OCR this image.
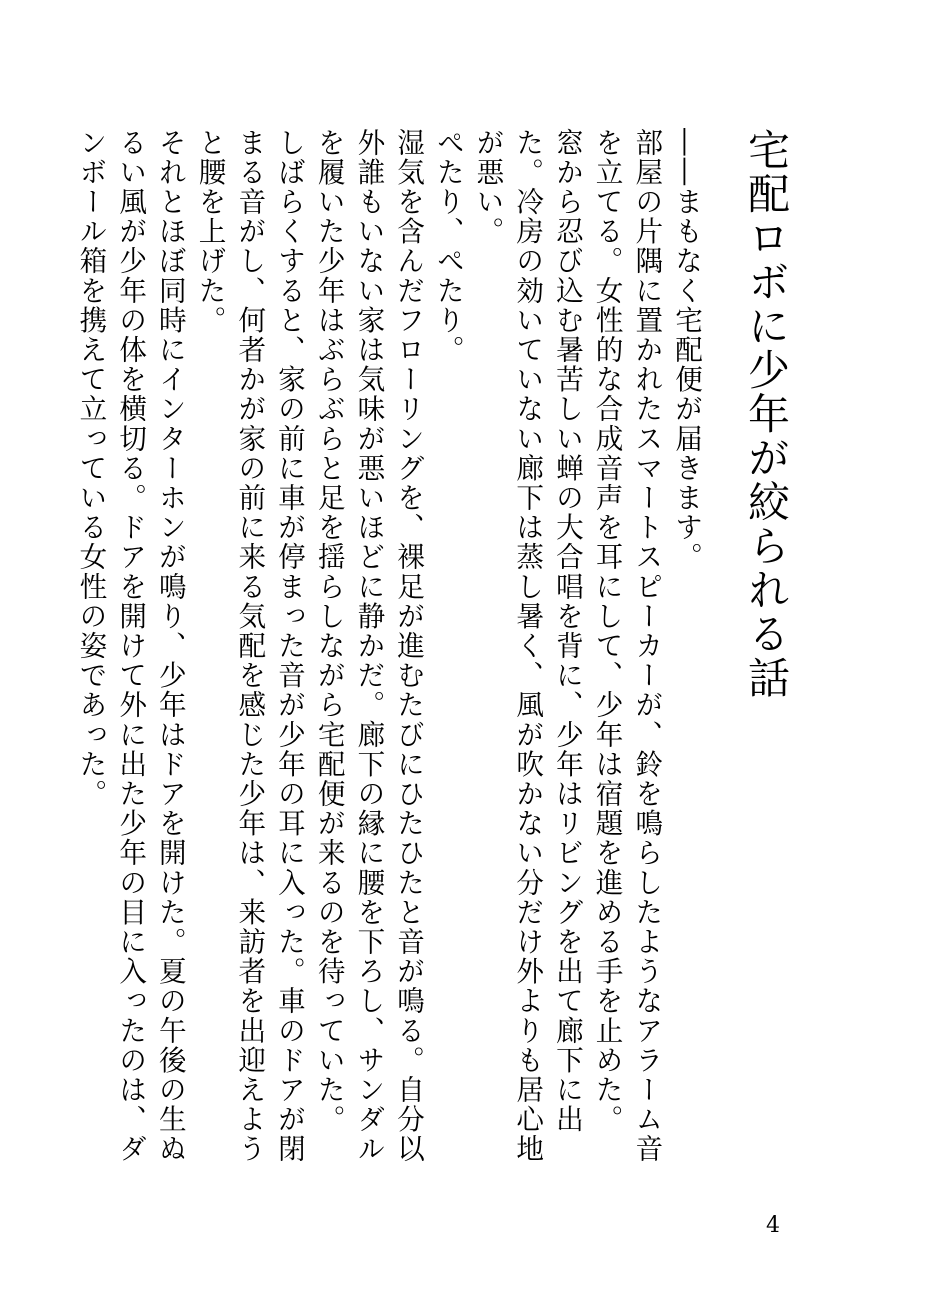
宅配ロボに少年が絞られる話

――まもなく宅配便が届きます。

部屋の片隅に置かれたスマートスピーカーが、鈴を鳴らしたようなアラーム音を立てる。女性的な合成音声を耳にして、少年は宿題を進める手を止めた。

窓から忍び込む暑苦しい蝉の大合唱を背に、少年はリビングを出て廊下に出た。冷房の効いていない廊下は蒸し暑く、風が吹かない分だけ外よりも居心地が悪い。

ぺたり、ぺたり。

湿気を含んだフローリングを、裸足が進むたびにひたひたと音が鳴る。自分以外誰もいない家は気味が悪いほどに静かだ。廊下の縁に腰を下ろし、サンダルを履いた少年はぶらぶらと足を揺らしながら宅配便が来るのを待っていた。

しばらくすると、家の前に車が停まった音が少年の耳に入った。車のドアが閉まる音がし、何者かが家の前に来る気配を感じた少年は、来訪者を出迎えようと腰を上げた。

それとほぼ同時にインターホンが鳴り、少年はドアを開けた。夏の午後の生ぬるい風が少年の体を横切る。ドアを開けて外に出た少年の目に入ったのは、ダンボール箱を携えて立っている女性の姿であった。

4
